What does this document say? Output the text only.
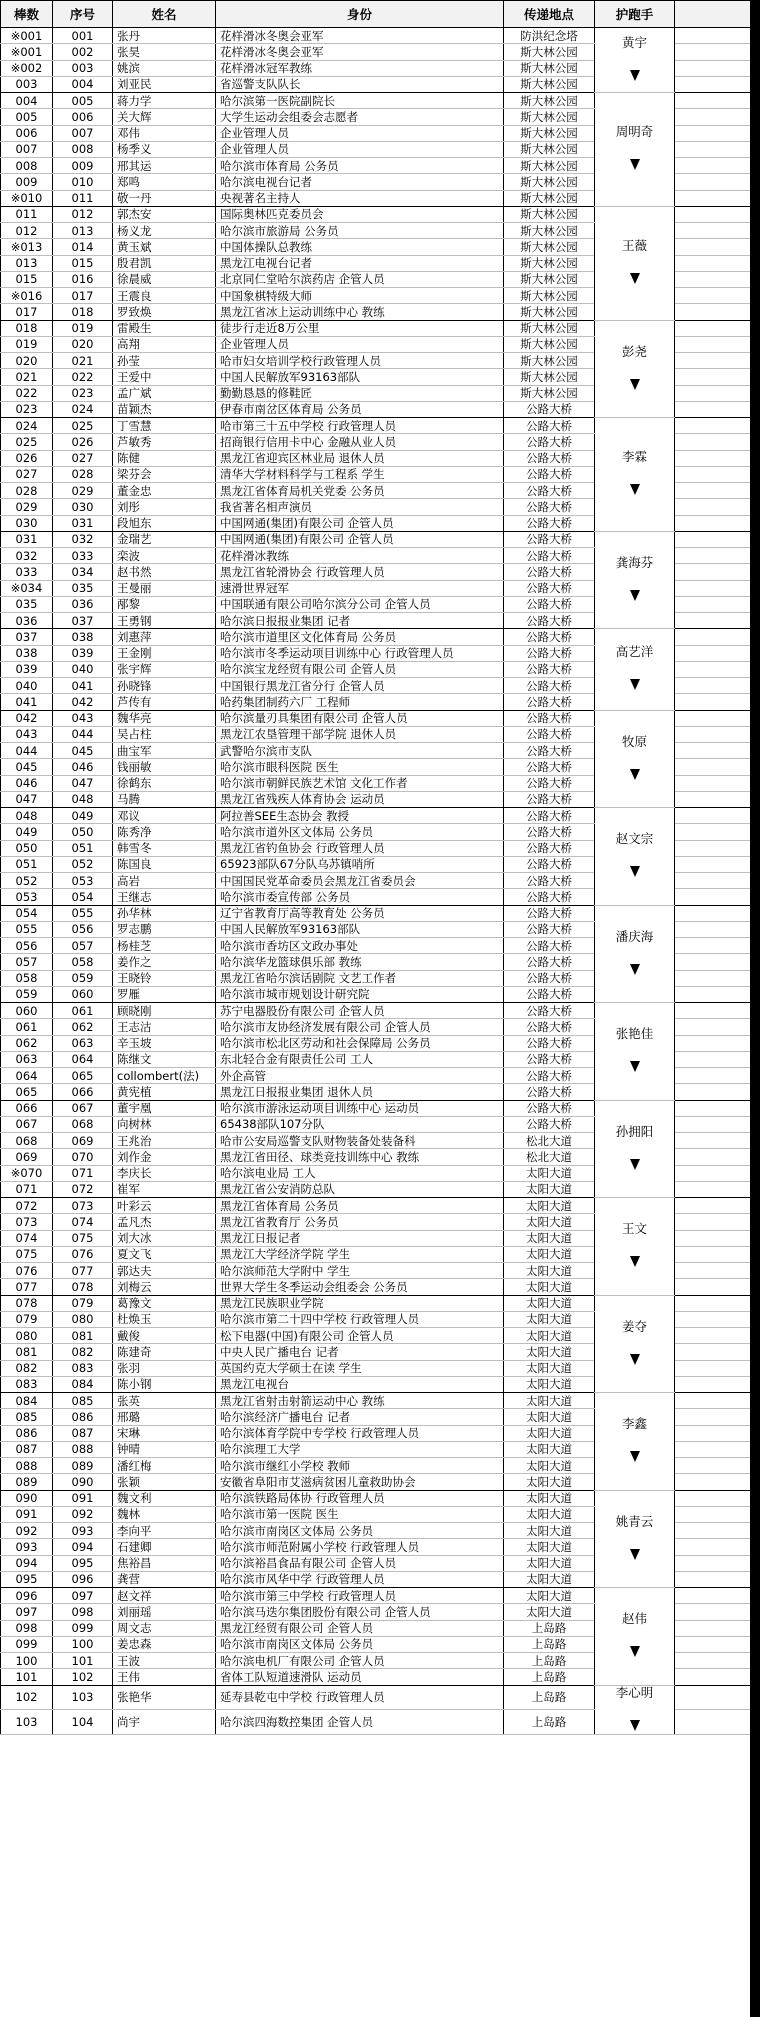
棒数	序号	姓名	身份	传递地点	护跑手	
※001	001	张丹	花样滑冰冬奥会亚军	防洪纪念塔	黄宇	

※001	002	张昊	花样滑冰冬奥会亚军	斯大林公园		
※002	003	姚滨	花样滑冰冠军教练	斯大林公园		
003	004	刘亚民	省巡警支队队长	斯大林公园		
004	005	蒋力学	哈尔滨第一医院副院长	斯大林公园	周明奇	

005	006	关大辉	大学生运动会组委会志愿者	斯大林公园		
006	007	邓伟	企业管理人员	斯大林公园		
007	008	杨季义	企业管理人员	斯大林公园		
008	009	邢其运	哈尔滨市体育局 公务员	斯大林公园		
009	010	郑鸣	哈尔滨电视台记者	斯大林公园		
※010	011	敬一丹	央视著名主持人	斯大林公园		
011	012	郭杰安	国际奥林匹克委员会	斯大林公园	王薇	

012	013	杨义龙	哈尔滨市旅游局 公务员	斯大林公园		
※013	014	黄玉斌	中国体操队总教练	斯大林公园		
013	015	殷君凯	黑龙江电视台记者	斯大林公园		
015	016	徐晨威	北京同仁堂哈尔滨药店 企管人员	斯大林公园		
※016	017	王震良	中国象棋特级大师	斯大林公园		
017	018	罗致焕	黑龙江省冰上运动训练中心 教练	斯大林公园		
018	019	雷殿生	徒步行走近8万公里	斯大林公园	彭尧	

019	020	高翔	企业管理人员	斯大林公园		
020	021	孙莹	哈市妇女培训学校行政管理人员	斯大林公园		
021	022	王爱中	中国人民解放军93163部队	斯大林公园		
022	023	孟广斌	勤勤恳恳的修鞋匠	斯大林公园		
023	024	苗颖杰	伊春市南岔区体育局 公务员	公路大桥		
024	025	丁雪慧	哈市第三十五中学校 行政管理人员	公路大桥	李霖	

025	026	芦敏秀	招商银行信用卡中心 金融从业人员	公路大桥		
026	027	陈健	黑龙江省迎宾区林业局 退休人员	公路大桥		
027	028	梁芬会	清华大学材料科学与工程系 学生	公路大桥		
028	029	董金忠	黑龙江省体育局机关党委 公务员	公路大桥		
029	030	刘彤	我省著名相声演员	公路大桥		
030	031	段旭东	中国网通(集团)有限公司 企管人员	公路大桥		
031	032	金瑞艺	中国网通(集团)有限公司 企管人员	公路大桥	龚海芬	

032	033	栾波	花样滑冰教练	公路大桥		
033	034	赵书然	黑龙江省轮滑协会 行政管理人员	公路大桥		
※034	035	王曼丽	速滑世界冠军	公路大桥		
035	036	邴黎	中国联通有限公司哈尔滨分公司 企管人员	公路大桥		
036	037	王勇钢	哈尔滨日报报业集团 记者	公路大桥		
037	038	刘惠萍	哈尔滨市道里区文化体育局 公务员	公路大桥	高艺洋	

038	039	王金刚	哈尔滨市冬季运动项目训练中心 行政管理人员	公路大桥		
039	040	张宇辉	哈尔滨宝龙经贸有限公司 企管人员	公路大桥		
040	041	孙晓锋	中国银行黑龙江省分行 企管人员	公路大桥		
041	042	芦传有	哈药集团制药六厂 工程师	公路大桥		
042	043	魏华亮	哈尔滨量刃具集团有限公司 企管人员	公路大桥	牧原	

043	044	吴占柱	黑龙江农垦管理干部学院 退休人员	公路大桥		
044	045	曲宝军	武警哈尔滨市支队	公路大桥		
045	046	钱丽敏	哈尔滨市眼科医院 医生	公路大桥		
046	047	徐鹤东	哈尔滨市朝鲜民族艺术馆 文化工作者	公路大桥		
047	048	马腾	黑龙江省残疾人体育协会 运动员	公路大桥		
048	049	邓议	阿拉善SEE生态协会 教授	公路大桥	赵文宗	

049	050	陈秀净	哈尔滨市道外区文体局 公务员	公路大桥		
050	051	韩雪冬	黑龙江省钓鱼协会 行政管理人员	公路大桥		
051	052	陈国良	65923部队67分队乌苏镇哨所	公路大桥		
052	053	高岩	中国国民党革命委员会黑龙江省委员会	公路大桥		
053	054	王继志	哈尔滨市委宣传部 公务员	公路大桥		
054	055	孙华林	辽宁省教育厅高等教育处 公务员	公路大桥	潘庆海	

055	056	罗志鹏	中国人民解放军93163部队	公路大桥		
056	057	杨桂芝	哈尔滨市香坊区文政办事处	公路大桥		
057	058	姜作之	哈尔滨华龙篮球俱乐部 教练	公路大桥		
058	059	王晓铃	黑龙江省哈尔滨话剧院 文艺工作者	公路大桥		
059	060	罗雁	哈尔滨市城市规划设计研究院	公路大桥		
060	061	顾晓刚	苏宁电器股份有限公司 企管人员	公路大桥	张艳佳	

061	062	王志沽	哈尔滨市友协经济发展有限公司 企管人员	公路大桥		
062	063	辛玉坡	哈尔滨市松北区劳动和社会保障局 公务员	公路大桥		
063	064	陈继文	东北轻合金有限责任公司 工人	公路大桥		
064	065	collombert(法)	外企高管	公路大桥		
065	066	黄宪植	黑龙江日报报业集团 退休人员	公路大桥		
066	067	董宇凰	哈尔滨市游泳运动项目训练中心 运动员	公路大桥	孙拥阳	

067	068	向树林	65438部队107分队	公路大桥		
068	069	王兆治	哈市公安局巡警支队财物装备处装备科	松北大道		
069	070	刘作金	黑龙江省田径、球类竞技训练中心 教练	松北大道		
※070	071	李庆长	哈尔滨电业局 工人	太阳大道		
071	072	崔军	黑龙江省公安消防总队	太阳大道		
072	073	叶彩云	黑龙江省体育局 公务员	太阳大道	王文	

073	074	孟凡杰	黑龙江省教育厅 公务员	太阳大道		
074	075	刘大冰	黑龙江日报记者	太阳大道		
075	076	夏文飞	黑龙江大学经济学院 学生	太阳大道		
076	077	郭达夫	哈尔滨师范大学附中 学生	太阳大道		
077	078	刘梅云	世界大学生冬季运动会组委会 公务员	太阳大道		
078	079	葛豫文	黑龙江民族职业学院	太阳大道	姜夺	

079	080	杜焕玉	哈尔滨市第二十四中学校 行政管理人员	太阳大道		
080	081	戴俊	松下电器(中国)有限公司 企管人员	太阳大道		
081	082	陈建奇	中央人民广播电台 记者	太阳大道		
082	083	张羽	英国约克大学硕士在读 学生	太阳大道		
083	084	陈小钢	黑龙江电视台	太阳大道		
084	085	张英	黑龙江省射击射箭运动中心 教练	太阳大道	李鑫	

085	086	邢璐	哈尔滨经济广播电台 记者	太阳大道		
086	087	宋琳	哈尔滨体育学院中专学校 行政管理人员	太阳大道		
087	088	钟晴	哈尔滨理工大学	太阳大道		
088	089	潘红梅	哈尔滨市继红小学校 教师	太阳大道		
089	090	张颖	安徽省阜阳市艾滋病贫困儿童救助协会	太阳大道		
090	091	魏文利	哈尔滨铁路局体协 行政管理人员	太阳大道	姚青云	

091	092	魏林	哈尔滨市第一医院 医生	太阳大道		
092	093	李向平	哈尔滨市南岗区文体局 公务员	太阳大道		
093	094	石建卿	哈尔滨市师范附属小学校 行政管理人员	太阳大道		
094	095	焦裕昌	哈尔滨裕昌食品有限公司 企管人员	太阳大道		
095	096	龚营	哈尔滨市风华中学 行政管理人员	太阳大道		
096	097	赵文祥	哈尔滨市第三中学校 行政管理人员	太阳大道	赵伟	

097	098	刘丽瑶	哈尔滨马迭尔集团股份有限公司 企管人员	太阳大道		
098	099	周文志	黑龙江经贸有限公司 企管人员	上岛路		
099	100	姜忠森	哈尔滨市南岗区文体局 公务员	上岛路		
100	101	王波	哈尔滨电机厂有限公司 企管人员	上岛路		
101	102	王伟	省体工队短道速滑队 运动员	上岛路		
102	103	张艳华	延寿县乾屯中学校 行政管理人员	上岛路	李心明	

103	104	尚宇	哈尔滨四海数控集团 企管人员	上岛路		
